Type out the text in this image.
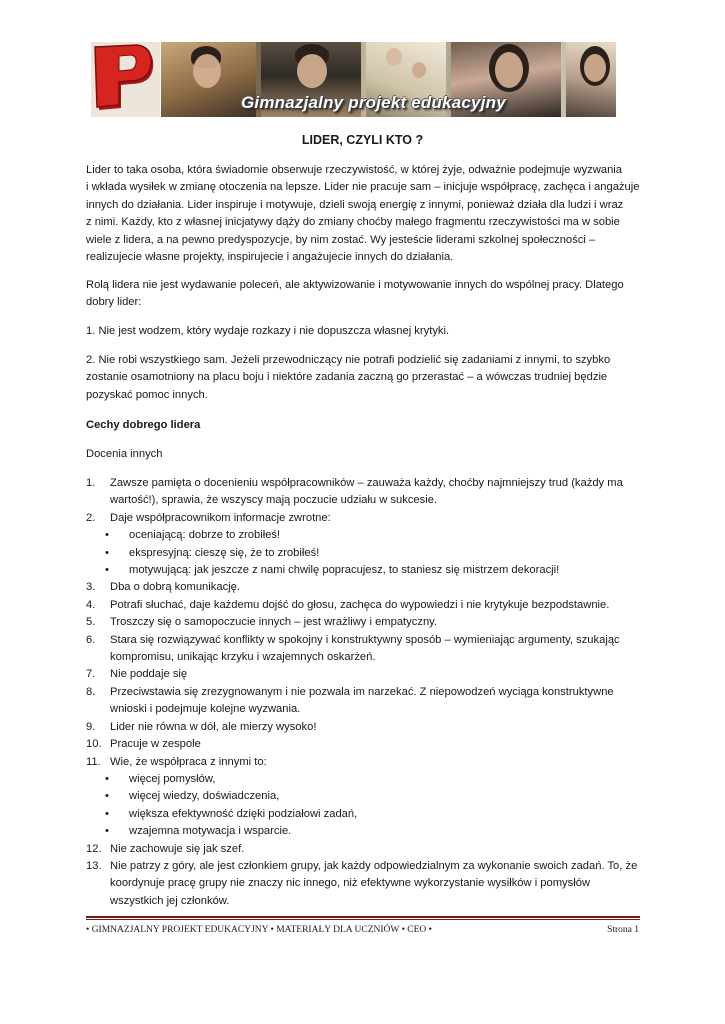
Gimnazjalny projekt edukacyjny
LIDER, CZYLI KTO ?

Lider to taka osoba, która świadomie obserwuje rzeczywistość, w której żyje, odważnie podejmuje wyzwania
i wkłada wysiłek w zmianę otoczenia na lepsze. Lider nie pracuje sam – inicjuje współpracę, zachęca i angażuje
innych do działania. Lider inspiruje i motywuje, dzieli swoją energię z innymi, ponieważ działa dla ludzi i wraz
z nimi. Każdy, kto z własnej inicjatywy dąży do zmiany choćby małego fragmentu rzeczywistości ma w sobie
wiele z lidera, a na pewno predyspozycje, by nim zostać. Wy jesteście liderami szkolnej społeczności –
realizujecie własne projekty, inspirujecie i angażujecie innych do działania.

Rolą lidera nie jest wydawanie poleceń, ale aktywizowanie i motywowanie innych do wspólnej pracy. Dlatego
dobry lider:

1. Nie jest wodzem, który wydaje rozkazy i nie dopuszcza własnej krytyki.

2. Nie robi wszystkiego sam. Jeżeli przewodniczący nie potrafi podzielić się zadaniami z innymi, to szybko
zostanie osamotniony na placu boju i niektóre zadania zaczną go przerastać – a wówczas trudniej będzie
pozyskać pomoc innych.

Cechy dobrego lidera

Docenia innych

1. Zawsze pamięta o docenieniu współpracowników – zauważa każdy, choćby najmniejszy trud (każdy ma
wartość!), sprawia, że wszyscy mają poczucie udziału w sukcesie.
2. Daje współpracownikom informacje zwrotne:
• oceniającą: dobrze to zrobiłeś!
• ekspresyjną: cieszę się, że to zrobiłeś!
• motywującą: jak jeszcze z nami chwilę popracujesz, to staniesz się mistrzem dekoracji!
3. Dba o dobrą komunikację.
4. Potrafi słuchać, daje każdemu dojść do głosu, zachęca do wypowiedzi i nie krytykuje bezpodstawnie.
5. Troszczy się o samopoczucie innych – jest wrażliwy i empatyczny.
6. Stara się rozwiązywać konflikty w spokojny i konstruktywny sposób – wymieniając argumenty, szukając
kompromisu, unikając krzyku i wzajemnych oskarżeń.
7. Nie poddaje się
8. Przeciwstawia się zrezygnowanym i nie pozwala im narzekać. Z niepowodzeń wyciąga konstruktywne
wnioski i podejmuje kolejne wyzwania.
9. Lider nie równa w dół, ale mierzy wysoko!
10. Pracuje w zespole
11. Wie, że współpraca z innymi to:
• więcej pomysłów,
• więcej wiedzy, doświadczenia,
• większa efektywność dzięki podziałowi zadań,
• wzajemna motywacja i wsparcie.
12. Nie zachowuje się jak szef.
13. Nie patrzy z góry, ale jest członkiem grupy, jak każdy odpowiedzialnym za wykonanie swoich zadań. To, że
koordynuje pracę grupy nie znaczy nic innego, niż efektywne wykorzystanie wysiłków i pomysłów
wszystkich jej członków.
• GIMNAZJALNY PROJEKT EDUKACYJNY • MATERIAŁY DLA UCZNIÓW • CEO •	Strona 1
